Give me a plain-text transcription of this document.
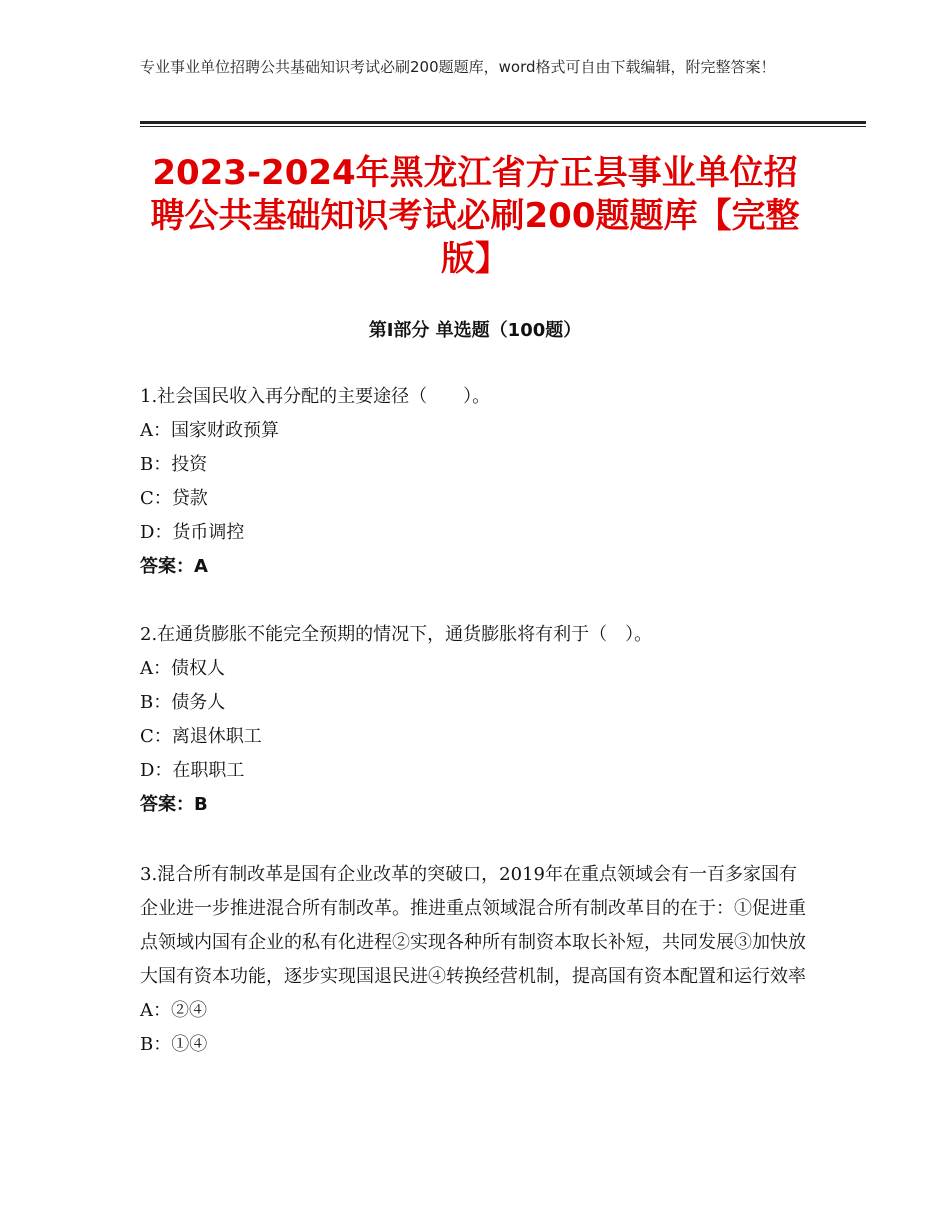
专业事业单位招聘公共基础知识考试必刷200题题库，word格式可自由下载编辑，附完整答案！
2023-2024年黑龙江省方正县事业单位招聘公共基础知识考试必刷200题题库【完整版】
第Ⅰ部分 单选题（100题）
1.社会国民收入再分配的主要途径（　　）。
A：国家财政预算
B：投资
C：贷款
D：货币调控
答案：A
2.在通货膨胀不能完全预期的情况下，通货膨胀将有利于（　）。
A：债权人
B：债务人
C：离退休职工
D：在职职工
答案：B
3.混合所有制改革是国有企业改革的突破口，2019年在重点领域会有一百多家国有企业进一步推进混合所有制改革。推进重点领域混合所有制改革目的在于：①促进重点领域内国有企业的私有化进程②实现各种所有制资本取长补短，共同发展③加快放大国有资本功能，逐步实现国退民进④转换经营机制，提高国有资本配置和运行效率
A：②④
B：①④
